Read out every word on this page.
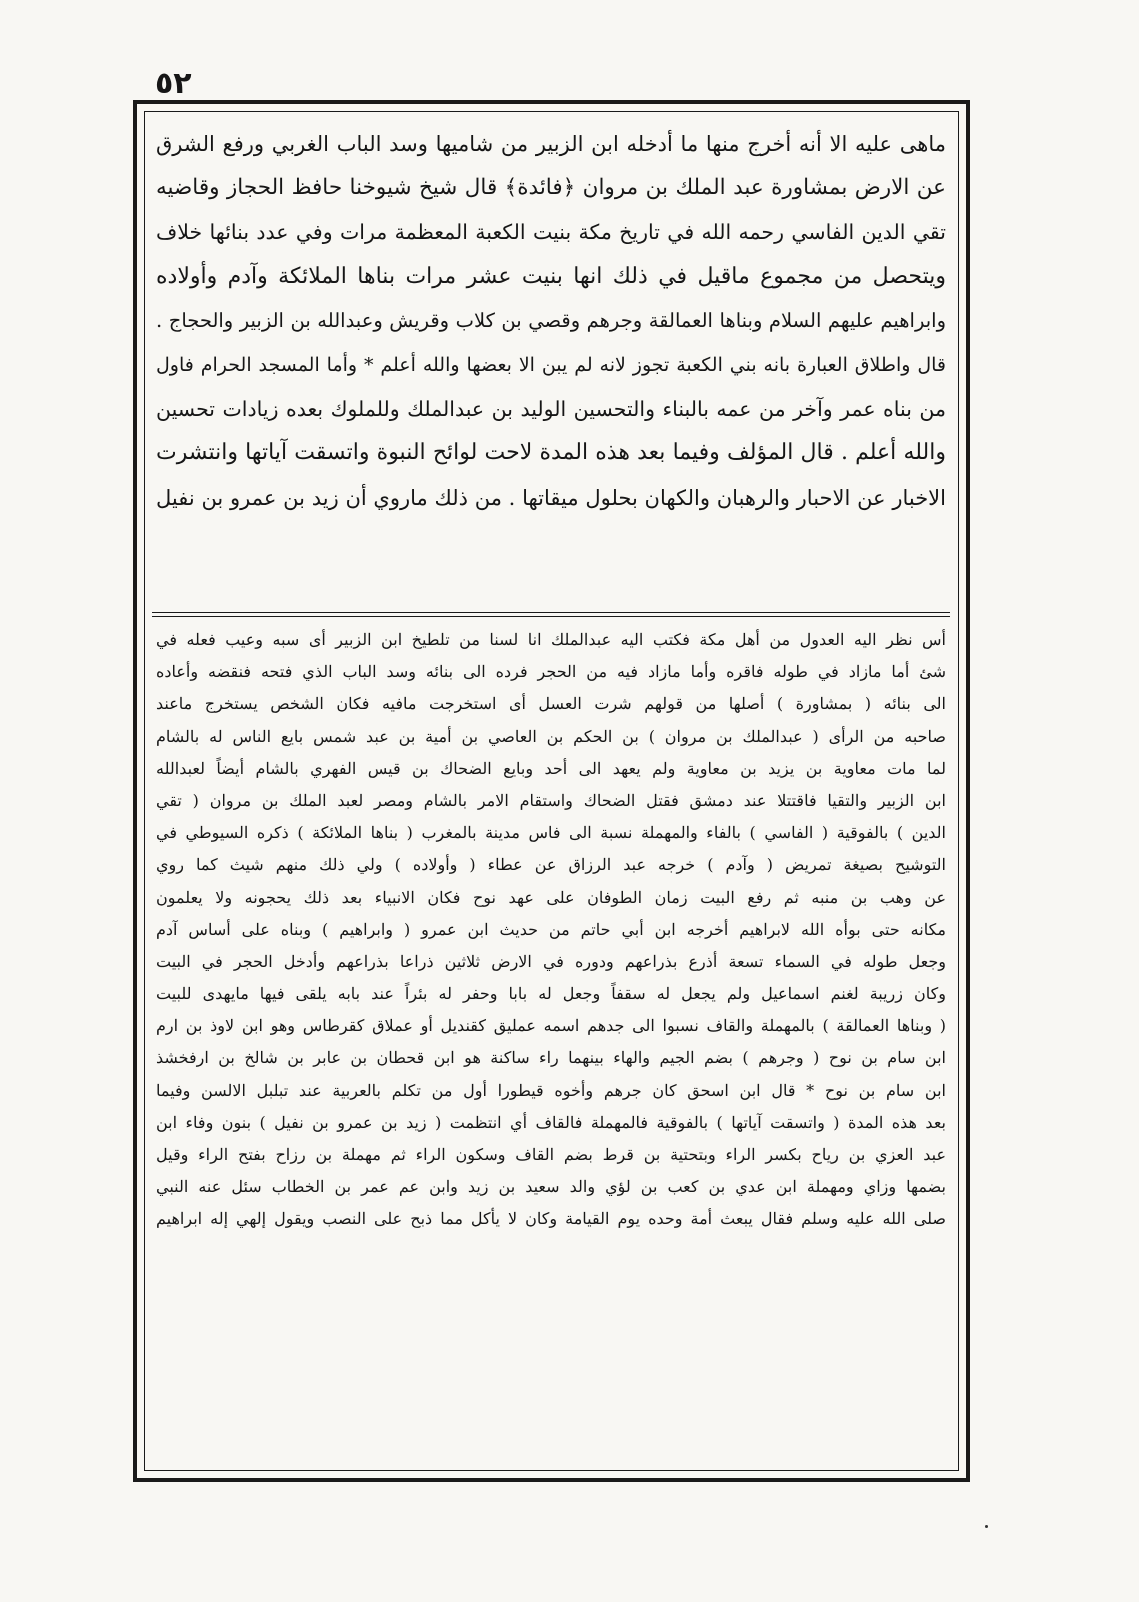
٥٢
ماهى عليه الا أنه أخرج منها ما أدخله ابن الزبير من شاميها وسد الباب الغربي ورفع الشرق
عن الارض بمشاورة عبد الملك بن مروان ﴿فائدة﴾ قال شيخ شيوخنا حافظ الحجاز وقاضيه
تقي الدين الفاسي رحمه الله في تاريخ مكة بنيت الكعبة المعظمة مرات وفي عدد بنائها خلاف
ويتحصل من مجموع ماقيل في ذلك انها بنيت عشر مرات بناها الملائكة وآدم وأولاده
وابراهيم عليهم السلام وبناها العمالقة وجرهم وقصي بن كلاب وقريش وعبدالله بن الزبير والحجاج .
قال واطلاق العبارة بانه بني الكعبة تجوز لانه لم يبن الا بعضها والله أعلم * وأما المسجد الحرام فاول
من بناه عمر وآخر من عمه بالبناء والتحسين الوليد بن عبدالملك وللملوك بعده زيادات تحسين
والله أعلم . قال المؤلف وفيما بعد هذه المدة لاحت لوائح النبوة واتسقت آياتها وانتشرت
الاخبار عن الاحبار والرهبان والكهان بحلول ميقاتها . من ذلك ماروي أن زيد بن عمرو بن نفيل
أس نظر اليه العدول من أهل مكة فكتب اليه عبدالملك انا لسنا من تلطيخ ابن الزبير أى سبه وعيب فعله في
شئ أما مازاد في طوله فاقره وأما مازاد فيه من الحجر فرده الى بنائه وسد الباب الذي فتحه فنقضه وأعاده
الى بنائه ( بمشاورة ) أصلها من قولهم شرت العسل أى استخرجت مافيه فكان الشخص يستخرج ماعند
صاحبه من الرأى ( عبدالملك بن مروان ) بن الحكم بن العاصي بن أمية بن عبد شمس بايع الناس له بالشام
لما مات معاوية بن يزيد بن معاوية ولم يعهد الى أحد وبايع الضحاك بن قيس الفهري بالشام أيضاً لعبدالله
ابن الزبير والتقيا فاقتتلا عند دمشق فقتل الضحاك واستقام الامر بالشام ومصر لعبد الملك بن مروان ( تقي
الدين ) بالفوقية ( الفاسي ) بالفاء والمهملة نسبة الى فاس مدينة بالمغرب ( بناها الملائكة ) ذكره السيوطي في
التوشيح بصيغة تمريض ( وآدم ) خرجه عبد الرزاق عن عطاء ( وأولاده ) ولي ذلك منهم شيث كما روي
عن وهب بن منبه ثم رفع البيت زمان الطوفان على عهد نوح فكان الانبياء بعد ذلك يحجونه ولا يعلمون
مكانه حتى بوأه الله لابراهيم أخرجه ابن أبي حاتم من حديث ابن عمرو ( وابراهيم ) وبناه على أساس آدم
وجعل طوله في السماء تسعة أذرع بذراعهم ودوره في الارض ثلاثين ذراعا بذراعهم وأدخل الحجر في البيت
وكان زريبة لغنم اسماعيل ولم يجعل له سقفاً وجعل له بابا وحفر له بئراً عند بابه يلقى فيها مايهدى للبيت
( وبناها العمالقة ) بالمهملة والقاف نسبوا الى جدهم اسمه عمليق كقنديل أو عملاق كقرطاس وهو ابن لاوذ بن ارم
ابن سام بن نوح ( وجرهم ) بضم الجيم والهاء بينهما راء ساكنة هو ابن قحطان بن عابر بن شالخ بن ارفخشذ
ابن سام بن نوح * قال ابن اسحق كان جرهم وأخوه قيطورا أول من تكلم بالعربية عند تبلبل الالسن وفيما
بعد هذه المدة ( واتسقت آياتها ) بالفوقية فالمهملة فالقاف أي انتظمت ( زيد بن عمرو بن نفيل ) بنون وفاء ابن
عبد العزي بن رياح بكسر الراء وبتحتية بن قرط بضم القاف وسكون الراء ثم مهملة بن رزاح بفتح الراء وقيل
بضمها وزاي ومهملة ابن عدي بن كعب بن لؤي والد سعيد بن زيد وابن عم عمر بن الخطاب سئل عنه النبي
صلى الله عليه وسلم فقال يبعث أمة وحده يوم القيامة وكان لا يأكل مما ذبح على النصب ويقول إلهي إله ابراهيم
